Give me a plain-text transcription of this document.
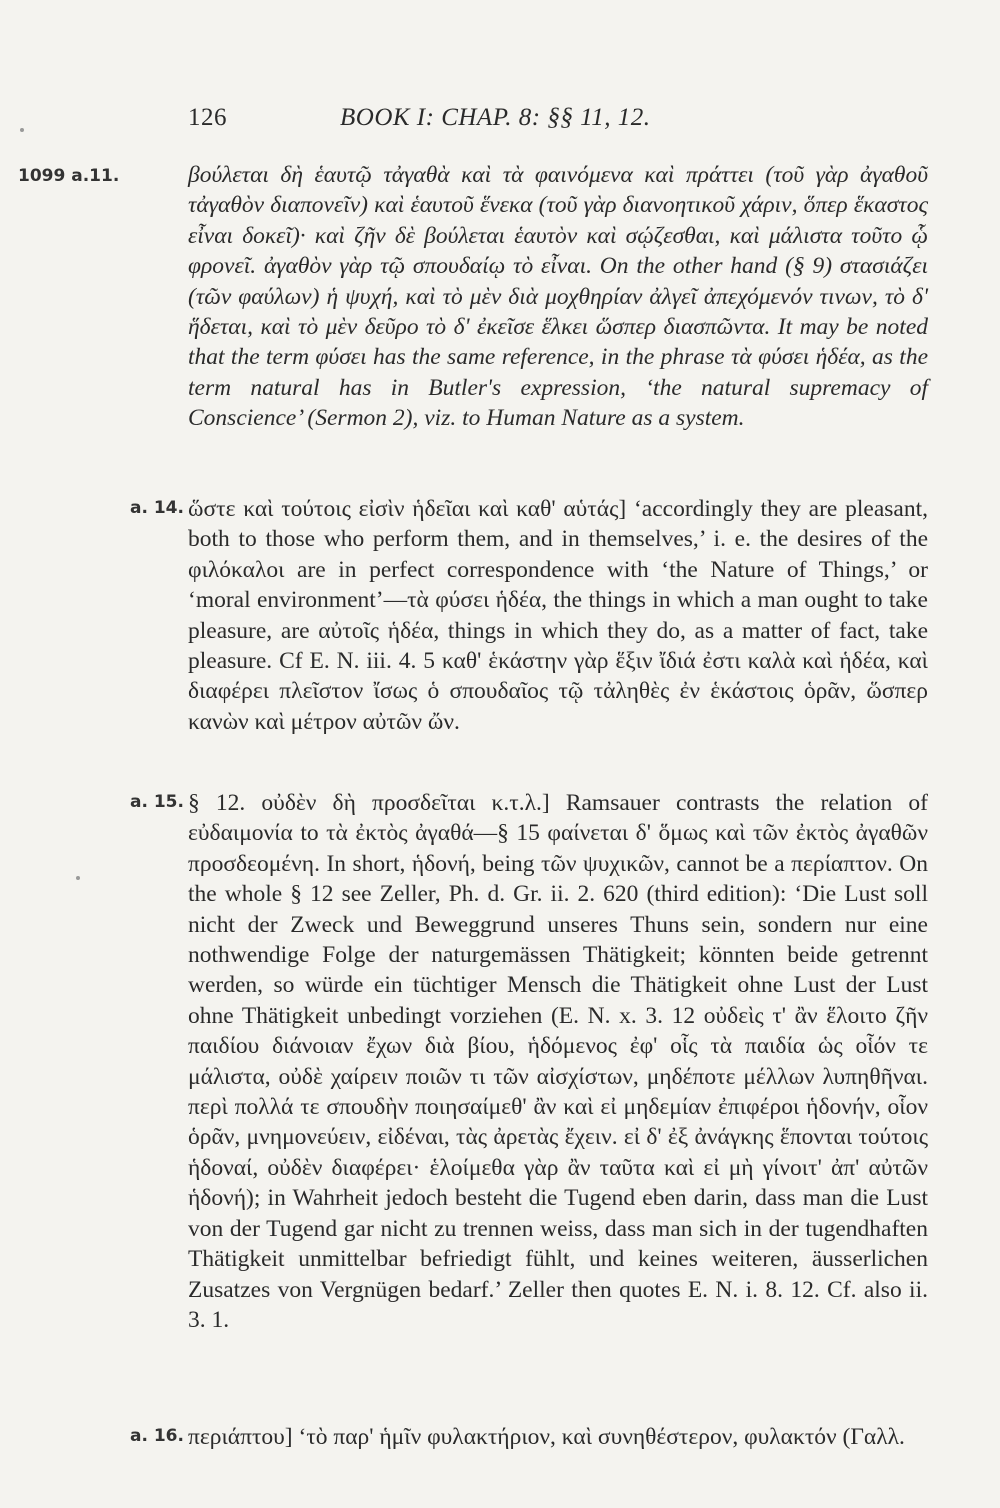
126	BOOK I: CHAP. 8: §§ 11, 12.
1099 a.11.	βούλεται δὴ ἑαυτῷ τἀγαθὰ καὶ τὰ φαινόμενα καὶ πράττει (τοῦ γὰρ ἀγαθοῦ τἀγαθὸν διαπονεῖν) καὶ ἑαυτοῦ ἕνεκα (τοῦ γὰρ διανοητικοῦ χάριν, ὅπερ ἕκαστος εἶναι δοκεῖ)· καὶ ζῆν δὲ βούλεται ἑαυτὸν καὶ σῴζεσθαι, καὶ μάλιστα τοῦτο ᾧ φρονεῖ. ἀγαθὸν γὰρ τῷ σπουδαίῳ τὸ εἶναι. On the other hand (§ 9) στασιάζει (τῶν φαύλων) ἡ ψυχή, καὶ τὸ μὲν διὰ μοχθηρίαν ἀλγεῖ ἀπεχόμενόν τινων, τὸ δ' ἥδεται, καὶ τὸ μὲν δεῦρο τὸ δ' ἐκεῖσε ἕλκει ὥσπερ διασπῶντα. It may be noted that the term φύσει has the same reference, in the phrase τὰ φύσει ἡδέα, as the term natural has in Butler's expression, ‘the natural supremacy of Conscience’ (Sermon 2), viz. to Human Nature as a system.

a. 14. ὥστε καὶ τούτοις εἰσὶν ἡδεῖαι καὶ καθ' αὑτάς] ‘accordingly they are pleasant, both to those who perform them, and in themselves,’ i. e. the desires of the φιλόκαλοι are in perfect correspondence with ‘the Nature of Things,’ or ‘moral environment’—τὰ φύσει ἡδέα, the things in which a man ought to take pleasure, are αὐτοῖς ἡδέα, things in which they do, as a matter of fact, take pleasure. Cf E. N. iii. 4. 5 καθ' ἑκάστην γὰρ ἕξιν ἴδιά ἐστι καλὰ καὶ ἡδέα, καὶ διαφέρει πλεῖστον ἴσως ὁ σπουδαῖος τῷ τἀληθὲς ἐν ἑκάστοις ὁρᾶν, ὥσπερ κανὼν καὶ μέτρον αὐτῶν ὤν.

a. 15. § 12. οὐδὲν δὴ προσδεῖται κ.τ.λ.] Ramsauer contrasts the relation of εὐδαιμονία to τὰ ἐκτὸς ἀγαθά—§ 15 φαίνεται δ' ὅμως καὶ τῶν ἐκτὸς ἀγαθῶν προσδεομένη. In short, ἡδονή, being τῶν ψυχικῶν, cannot be a περίαπτον. On the whole § 12 see Zeller, Ph. d. Gr. ii. 2. 620 (third edition): ‘Die Lust soll nicht der Zweck und Beweggrund unseres Thuns sein, sondern nur eine nothwendige Folge der naturgemässen Thätigkeit; könnten beide getrennt werden, so würde ein tüchtiger Mensch die Thätigkeit ohne Lust der Lust ohne Thätigkeit unbedingt vorziehen (E. N. x. 3. 12 οὐδεὶς τ' ἂν ἕλοιτο ζῆν παιδίου διάνοιαν ἔχων διὰ βίου, ἡδόμενος ἐφ' οἷς τὰ παιδία ὡς οἷόν τε μάλιστα, οὐδὲ χαίρειν ποιῶν τι τῶν αἰσχίστων, μηδέποτε μέλλων λυπηθῆναι. περὶ πολλά τε σπουδὴν ποιησαίμεθ' ἂν καὶ εἰ μηδεμίαν ἐπιφέροι ἡδονήν, οἷον ὁρᾶν, μνημονεύειν, εἰδέναι, τὰς ἀρετὰς ἔχειν. εἰ δ' ἐξ ἀνάγκης ἕπονται τούτοις ἡδοναί, οὐδὲν διαφέρει· ἑλοίμεθα γὰρ ἂν ταῦτα καὶ εἰ μὴ γίνοιτ' ἀπ' αὐτῶν ἡδονή); in Wahrheit jedoch besteht die Tugend eben darin, dass man die Lust von der Tugend gar nicht zu trennen weiss, dass man sich in der tugendhaften Thätigkeit unmittelbar befriedigt fühlt, und keines weiteren, äusserlichen Zusatzes von Vergnügen bedarf.’ Zeller then quotes E. N. i. 8. 12. Cf. also ii. 3. 1.

a. 16. περιάπτου] ‘τὸ παρ' ἡμῖν φυλακτήριον, καὶ συνηθέστερον, φυλακτόν (Γαλλ.
